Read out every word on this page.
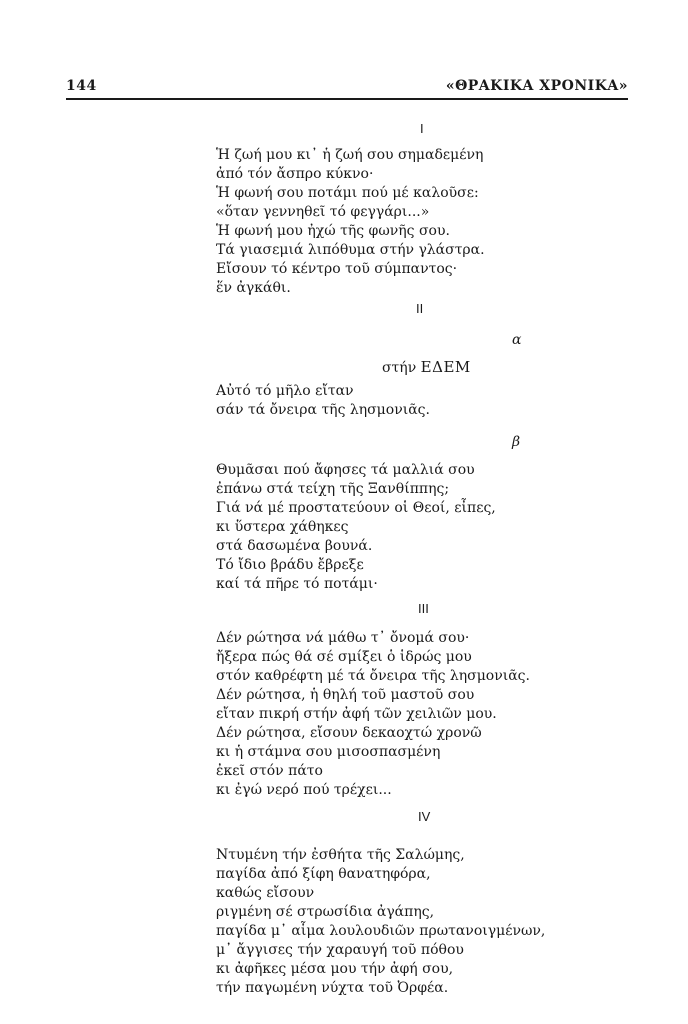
144	«ΘΡΑΚΙΚΑ ΧΡΟΝΙΚΑ»
I
Ἡ ζωή μου κι᾽ ἡ ζωή σου σημαδεμένη
ἀπό τόν ἄσπρο κύκνο·
Ἡ φωνή σου ποτάμι πού μέ καλοῦσε:
«ὅταν γεννηθεῖ τό φεγγάρι...»
Ἡ φωνή μου ἠχώ τῆς φωνῆς σου.
Τά γιασεμιά λιπόθυμα στήν γλάστρα.
Εἴσουν τό κέντρο τοῦ σύμπαντος·
ἕν ἀγκάθι.
II
α
στήν ΕΔΕΜ
Αὐτό τό μῆλο εἴταν
σάν τά ὄνειρα τῆς λησμονιᾶς.
β
Θυμᾶσαι πού ἄφησες τά μαλλιά σου
ἐπάνω στά τείχη τῆς Ξανθίππης;
Γιά νά μέ προστατεύουν οἱ Θεοί, εἶπες,
κι ὕστερα χάθηκες
στά δασωμένα βουνά.
Τό ἴδιο βράδυ ἔβρεξε
καί τά πῆρε τό ποτάμι·
III
Δέν ρώτησα νά μάθω τ᾽ ὄνομά σου·
ἤξερα πώς θά σέ σμίξει ὁ ἱδρώς μου
στόν καθρέφτη μέ τά ὄνειρα τῆς λησμονιᾶς.
Δέν ρώτησα, ἡ θηλή τοῦ μαστοῦ σου
εἴταν πικρή στήν ἀφή τῶν χειλιῶν μου.
Δέν ρώτησα, εἴσουν δεκαοχτώ χρονῶ
κι ἡ στάμνα σου μισοσπασμένη
ἐκεῖ στόν πάτο
κι ἐγώ νερό πού τρέχει...
IV
Ντυμένη τήν ἐσθήτα τῆς Σαλώμης,
παγίδα ἀπό ξίφη θανατηφόρα,
καθώς εἴσουν
ριγμένη σέ στρωσίδια ἀγάπης,
παγίδα μ᾽ αἷμα λουλουδιῶν πρωτανοιγμένων,
μ᾽ ἄγγισες τήν χαραυγή τοῦ πόθου
κι ἀφῆκες μέσα μου τήν ἀφή σου,
τήν παγωμένη νύχτα τοῦ Ὀρφέα.
